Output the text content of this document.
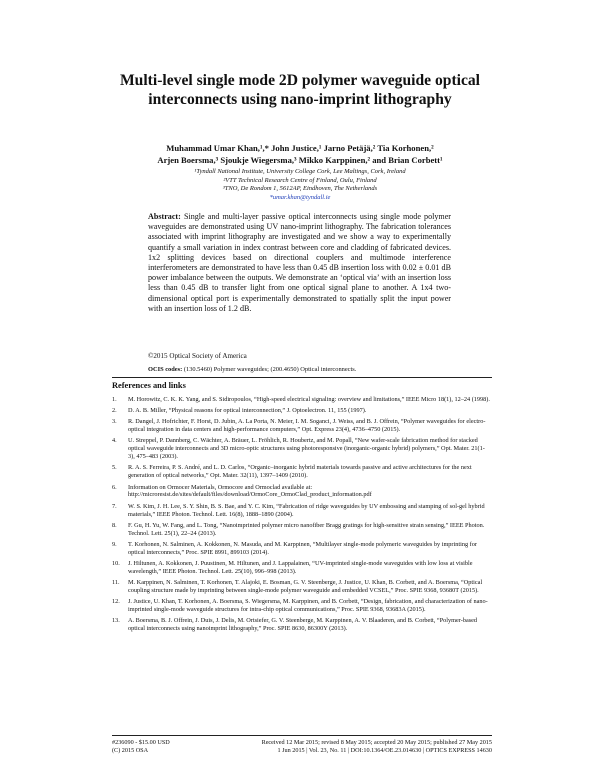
Multi-level single mode 2D polymer waveguide optical interconnects using nano-imprint lithography
Muhammad Umar Khan,¹,* John Justice,¹ Jarno Petäjä,² Tia Korhonen,²
Arjen Boersma,³ Sjoukje Wiegersma,³ Mikko Karppinen,² and Brian Corbett¹
¹Tyndall National Institute, University College Cork, Lee Maltings, Cork, Ireland
²VTT Technical Research Centre of Finland, Oulu, Finland
³TNO, De Rondom 1, 5612AP, Eindhoven, The Netherlands
*umar.khan@tyndall.ie
Abstract: Single and multi-layer passive optical interconnects using single mode polymer waveguides are demonstrated using UV nano-imprint lithography. The fabrication tolerances associated with imprint lithography are investigated and we show a way to experimentally quantify a small variation in index contrast between core and cladding of fabricated devices. 1x2 splitting devices based on directional couplers and multimode interference interferometers are demonstrated to have less than 0.45 dB insertion loss with 0.02 ± 0.01 dB power imbalance between the outputs. We demonstrate an ‘optical via’ with an insertion loss less than 0.45 dB to transfer light from one optical signal plane to another. A 1x4 two-dimensional optical port is experimentally demonstrated to spatially split the input power with an insertion loss of 1.2 dB.
©2015 Optical Society of America
OCIS codes: (130.5460) Polymer waveguides; (200.4650) Optical interconnects.
References and links
1.	M. Horowitz, C. K. K. Yang, and S. Sidiropoulos, “High-speed electrical signaling: overview and limitations,” IEEE Micro 18(1), 12–24 (1998).
2.	D. A. B. Miller, “Physical reasons for optical interconnection,” J. Optoelectron. 11, 155 (1997).
3.	R. Dangel, J. Hofrichter, F. Horst, D. Jubin, A. La Porta, N. Meier, I. M. Soganci, J. Weiss, and B. J. Offrein, “Polymer waveguides for electro-optical integration in data centers and high-performance computers,” Opt. Express 23(4), 4736–4750 (2015).
4.	U. Streppel, P. Dannberg, C. Wächter, A. Bräuer, L. Fröhlich, R. Houbertz, and M. Popall, “New wafer-scale fabrication method for stacked optical waveguide interconnects and 3D micro-optic structures using photoresponsive (inorganic-organic hybrid) polymers,” Opt. Mater. 21(1-3), 475–483 (2003).
5.	R. A. S. Ferreira, P. S. André, and L. D. Carlos, “Organic–inorganic hybrid materials towards passive and active architectures for the next generation of optical networks,” Opt. Mater. 32(11), 1397–1409 (2010).
6.	Information on Ormocer Materials, Ormocore and Ormoclad available at: http://microresist.de/sites/default/files/download/OrmoCore_OrmoClad_product_information.pdf
7.	W. S. Kim, J. H. Lee, S. Y. Shin, B. S. Bae, and Y. C. Kim, “Fabrication of ridge waveguides by UV embossing and stamping of sol-gel hybrid materials,” IEEE Photon. Technol. Lett. 16(8), 1888–1890 (2004).
8.	F. Gu, H. Yu, W. Fang, and L. Tong, “Nanoimprinted polymer micro nanofiber Bragg gratings for high-sensitive strain sensing,” IEEE Photon. Technol. Lett. 25(1), 22–24 (2013).
9.	T. Korhonen, N. Salminen, A. Kokkonen, N. Masuda, and M. Karppinen, “Multilayer single-mode polymeric waveguides by imprinting for optical interconnects,” Proc. SPIE 8991, 899103 (2014).
10.	J. Hiltunen, A. Kokkonen, J. Puustinen, M. Hiltunen, and J. Lappalainen, “UV-imprinted single-mode waveguides with low loss at visible wavelength,” IEEE Photon. Technol. Lett. 25(10), 996–998 (2013).
11.	M. Karppinen, N. Salminen, T. Korhonen, T. Alajoki, E. Bosman, G. V. Steenberge, J. Justice, U. Khan, B. Corbett, and A. Boersma, “Optical coupling structure made by imprinting between single-mode polymer waveguide and embedded VCSEL,” Proc. SPIE 9368, 93680T (2015).
12.	J. Justice, U. Khan, T. Korhonen, A. Boersma, S. Wiegersma, M. Karppinen, and B. Corbett, “Design, fabrication, and characterization of nano-imprinted single-mode waveguide structures for intra-chip optical communications,” Proc. SPIE 9368, 93683A (2015).
13.	A. Boersma, B. J. Offrein, J. Duis, J. Delis, M. Ortsiefer, G. V. Steenberge, M. Karppinen, A. V. Blaaderen, and B. Corbett, “Polymer-based optical interconnects using nanoimprint lithography,” Proc. SPIE 8630, 86300Y (2013).
#236090 - $15.00 USD	Received 12 Mar 2015; revised 8 May 2015; accepted 20 May 2015; published 27 May 2015
(C) 2015 OSA	1 Jun 2015 | Vol. 23, No. 11 | DOI:10.1364/OE.23.014630 | OPTICS EXPRESS 14630
